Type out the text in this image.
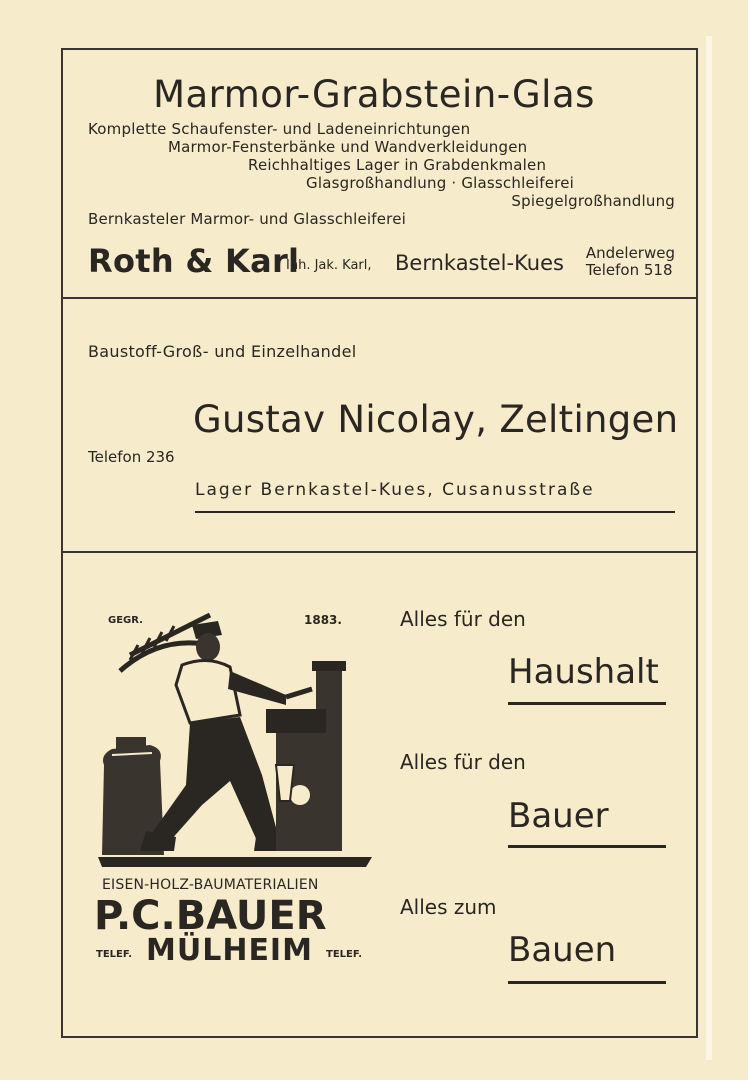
Marmor-Grabstein-Glas
Komplette Schaufenster- und Ladeneinrichtungen
Marmor-Fensterbänke und Wandverkleidungen
Reichhaltiges Lager in Grabdenkmalen
Glasgroßhandlung · Glasschleiferei
Spiegelgroßhandlung
Bernkasteler Marmor- und Glasschleiferei
Roth & Karl
Inh. Jak. Karl, Bernkastel-Kues Andelerweg
Telefon 518
Baustoff-Groß- und Einzelhandel
Gustav Nicolay, Zeltingen
Telefon 236
Lager Bernkastel-Kues, Cusanusstraße
GEGR.	1883.
EISEN-HOLZ-BAUMATERIALIEN
P.C.BAUER
TELEF. MÜLHEIM TELEF.
Alles für den
Haushalt
Alles für den
Bauer
Alles zum
Bauen
